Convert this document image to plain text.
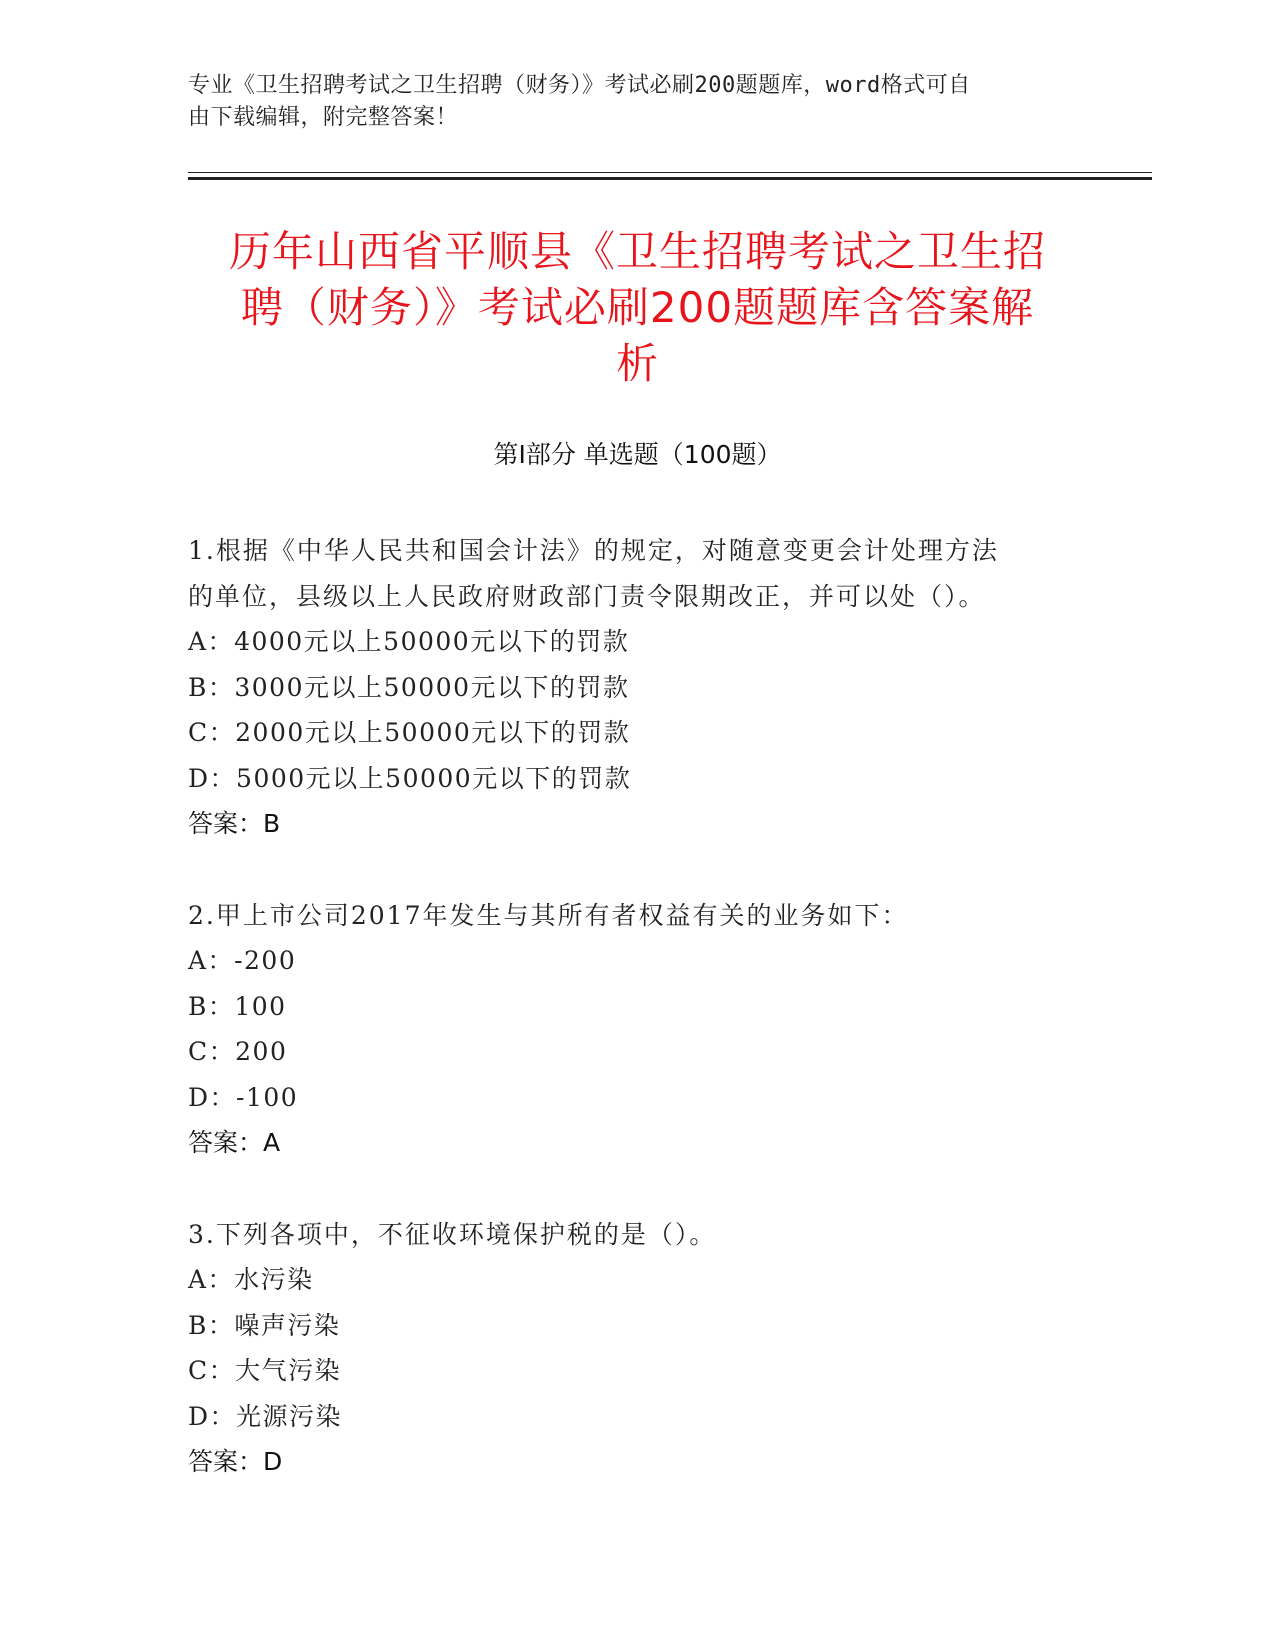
专业《卫生招聘考试之卫生招聘（财务）》考试必刷200题题库，word格式可自
由下载编辑，附完整答案！
历年山西省平顺县《卫生招聘考试之卫生招
聘（财务）》考试必刷200题题库含答案解
析
第Ⅰ部分 单选题（100题）
1.根据《中华人民共和国会计法》的规定，对随意变更会计处理方法
的单位，县级以上人民政府财政部门责令限期改正，并可以处（）。
A：4000元以上50000元以下的罚款
B：3000元以上50000元以下的罚款
C：2000元以上50000元以下的罚款
D：5000元以上50000元以下的罚款
答案：B
2.甲上市公司2017年发生与其所有者权益有关的业务如下：
A：-200
B：100
C：200
D：-100
答案：A
3.下列各项中，不征收环境保护税的是（）。
A：水污染
B：噪声污染
C：大气污染
D：光源污染
答案：D
